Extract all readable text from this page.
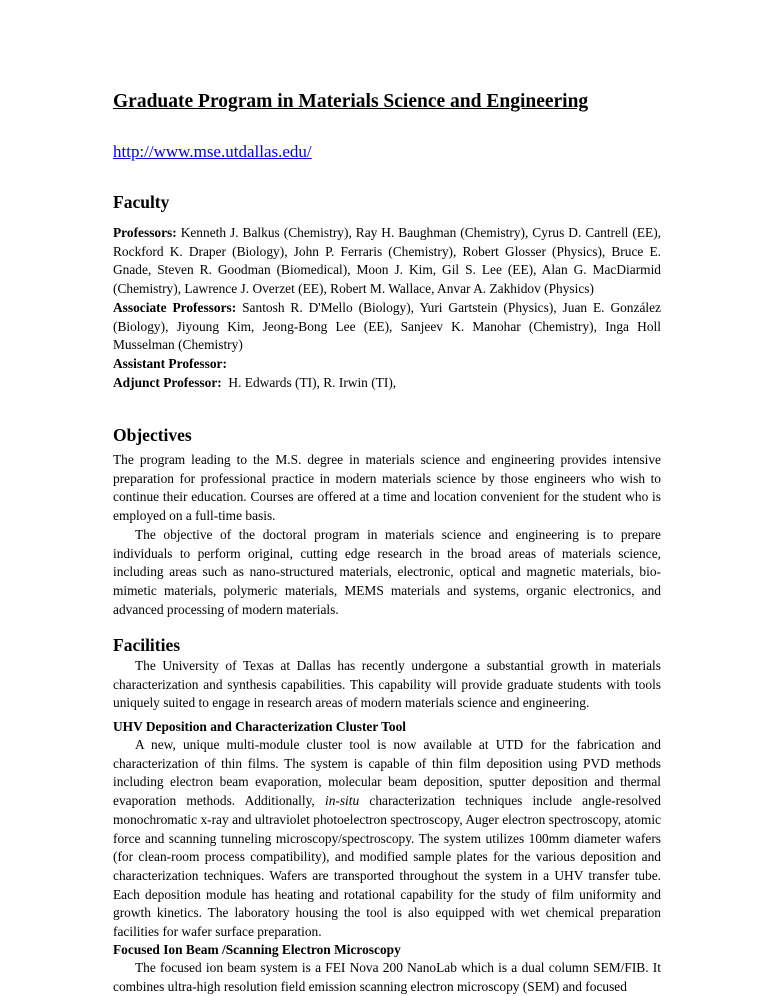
Graduate Program in Materials Science and Engineering
http://www.mse.utdallas.edu/
Faculty

Professors: Kenneth J. Balkus (Chemistry), Ray H. Baughman (Chemistry), Cyrus D. Cantrell (EE), Rockford K. Draper (Biology), John P. Ferraris (Chemistry), Robert Glosser (Physics), Bruce E. Gnade, Steven R. Goodman (Biomedical), Moon J. Kim, Gil S. Lee (EE), Alan G. MacDiarmid (Chemistry), Lawrence J. Overzet (EE), Robert M. Wallace, Anvar A. Zakhidov (Physics)

Associate Professors: Santosh R. D'Mello (Biology), Yuri Gartstein (Physics), Juan E. González (Biology), Jiyoung Kim, Jeong-Bong Lee (EE), Sanjeev K. Manohar (Chemistry), Inga Holl Musselman (Chemistry)

Assistant Professor:

Adjunct Professor:  H. Edwards (TI), R. Irwin (TI),

Objectives

The program leading to the M.S. degree in materials science and engineering provides intensive preparation for professional practice in modern materials science by those engineers who wish to continue their education. Courses are offered at a time and location convenient for the student who is employed on a full-time basis.

The objective of the doctoral program in materials science and engineering is to prepare individuals to perform original, cutting edge research in the broad areas of materials science, including areas such as nano-structured materials, electronic, optical and magnetic materials, bio-mimetic materials, polymeric materials, MEMS materials and systems, organic electronics, and advanced processing of modern materials.

Facilities

The University of Texas at Dallas has recently undergone a substantial growth in materials characterization and synthesis capabilities. This capability will provide graduate students with tools uniquely suited to engage in research areas of modern materials science and engineering.

UHV Deposition and Characterization Cluster Tool

A new, unique multi-module cluster tool is now available at UTD for the fabrication and characterization of thin films. The system is capable of thin film deposition using PVD methods including electron beam evaporation, molecular beam deposition, sputter deposition and thermal evaporation methods. Additionally, in-situ characterization techniques include angle-resolved monochromatic x-ray and ultraviolet photoelectron spectroscopy, Auger electron spectroscopy, atomic force and scanning tunneling microscopy/spectroscopy. The system utilizes 100mm diameter wafers (for clean-room process compatibility), and modified sample plates for the various deposition and characterization techniques. Wafers are transported throughout the system in a UHV transfer tube. Each deposition module has heating and rotational capability for the study of film uniformity and growth kinetics. The laboratory housing the tool is also equipped with wet chemical preparation facilities for wafer surface preparation.

Focused Ion Beam /Scanning Electron Microscopy

The focused ion beam system is a FEI Nova 200 NanoLab which is a dual column SEM/FIB. It combines ultra-high resolution field emission scanning electron microscopy (SEM) and focused
